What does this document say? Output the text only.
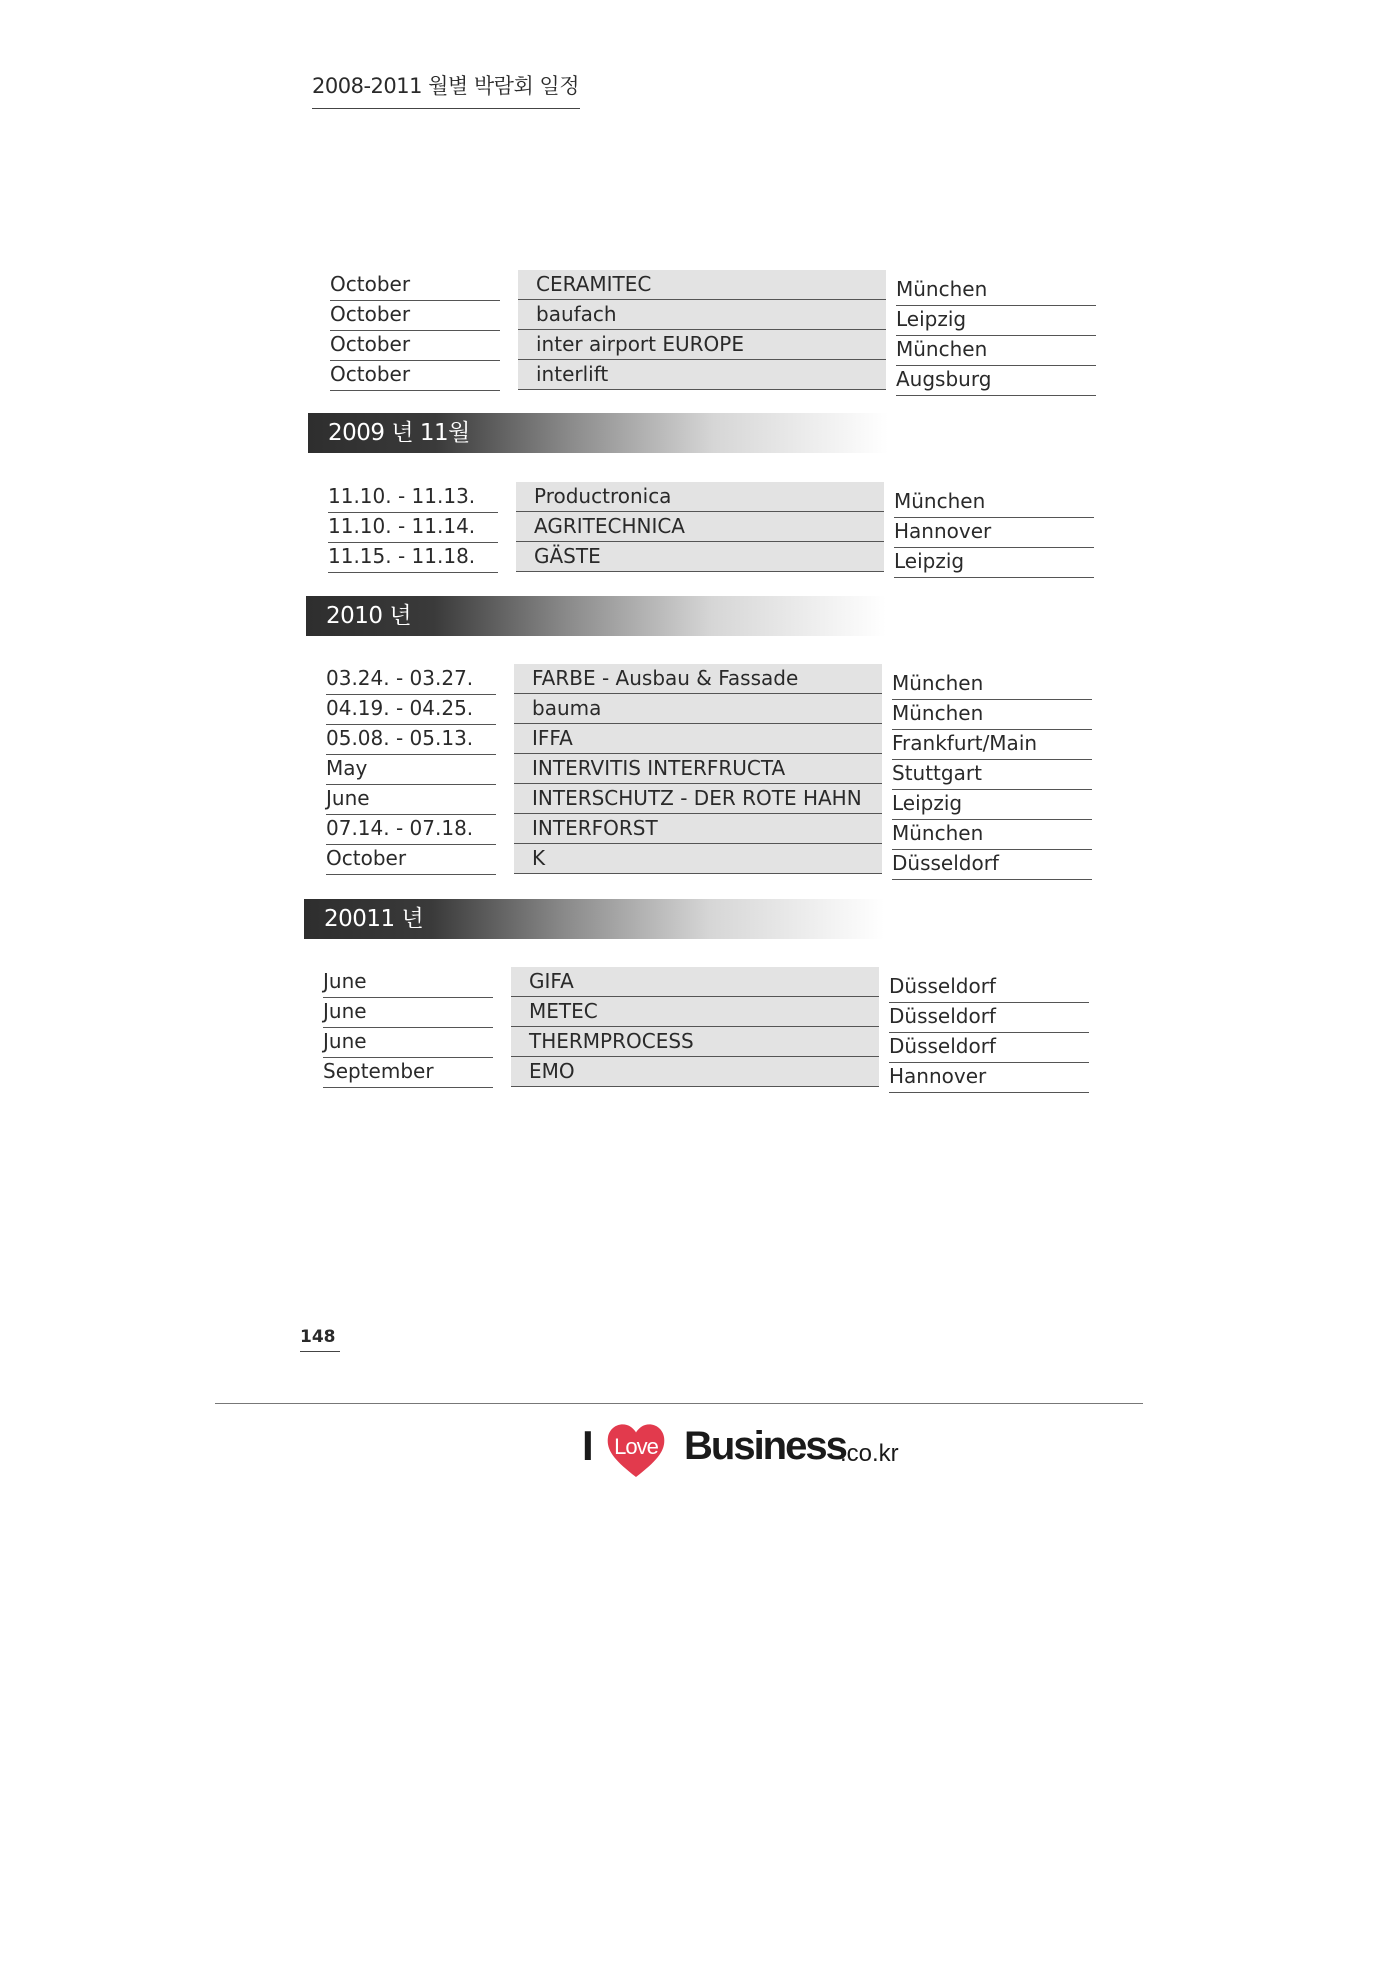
2008-2011 월별 박람회 일정
October	CERAMITEC	München
October	baufach	Leipzig
October	inter airport EUROPE	München
October	interlift	Augsburg
2009 년 11월
11.10. - 11.13.	Productronica	München
11.10. - 11.14.	AGRITECHNICA	Hannover
11.15. - 11.18.	GÄSTE	Leipzig
2010 년
03.24. - 03.27.	FARBE - Ausbau & Fassade	München
04.19. - 04.25.	bauma	München
05.08. - 05.13.	IFFA	Frankfurt/Main
May	INTERVITIS INTERFRUCTA	Stuttgart
June	INTERSCHUTZ - DER ROTE HAHN	Leipzig
07.14. - 07.18.	INTERFORST	München
October	K	Düsseldorf
20011 년
June	GIFA	Düsseldorf
June	METEC	Düsseldorf
June	THERMPROCESS	Düsseldorf
September	EMO	Hannover
148
I Love Business
.co.kr
